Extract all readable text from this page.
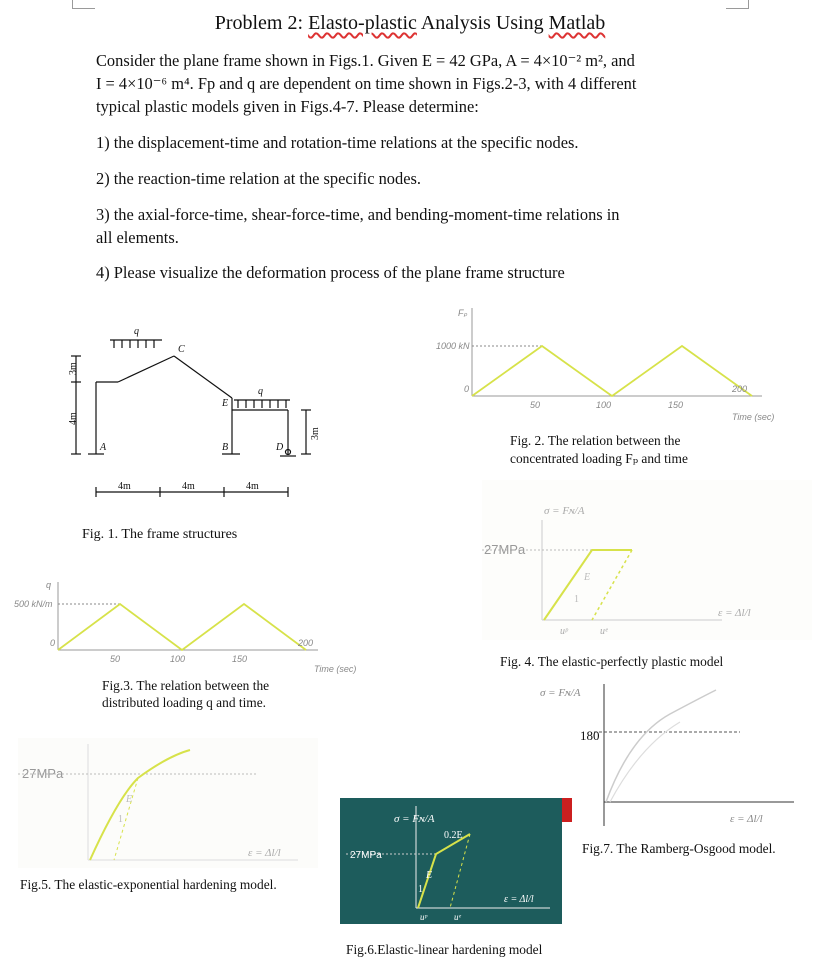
Problem 2: Elasto-plastic Analysis Using Matlab
Consider the plane frame shown in Figs.1. Given E = 42 GPa, A = 4×10⁻² m², and
I = 4×10⁻⁶ m⁴. Fp and q are dependent on time shown in Figs.2-3, with 4 different
typical plastic models given in Figs.4-7. Please determine:
1) the displacement-time and rotation-time relations at the specific nodes.
2) the reaction-time relation at the specific nodes.
3) the axial-force-time, shear-force-time, and bending-moment-time relations in
all elements.
4) Please visualize the deformation process of the plane frame structure
q
q
A	B
C
D
E
3m
4m
3m
4m	4m	4m
Fig. 1. The frame structures
Fₚ
1000 kN
0
50	100	150
200
Time (sec)
Fig. 2. The relation between the
concentrated loading Fₚ and time
σ = Fɴ/A
27MPa
E
1
uᵖ	uᵉ
ε = Δl/l
Fig. 4. The elastic-perfectly plastic model
q
500 kN/m
0
50	100	150
200
Time (sec)
Fig.3. The relation between the
distributed loading q and time.
σ = Fɴ/A
180
ε = Δl/l
Fig.7. The Ramberg-Osgood model.
27MPa
E
1
ε = Δl/l
Fig.5. The elastic-exponential hardening model.
σ = Fɴ/A
27MPa
0.2E
E
1
uᵖ	uᵉ
ε = Δl/l
Fig.6.Elastic-linear hardening model
